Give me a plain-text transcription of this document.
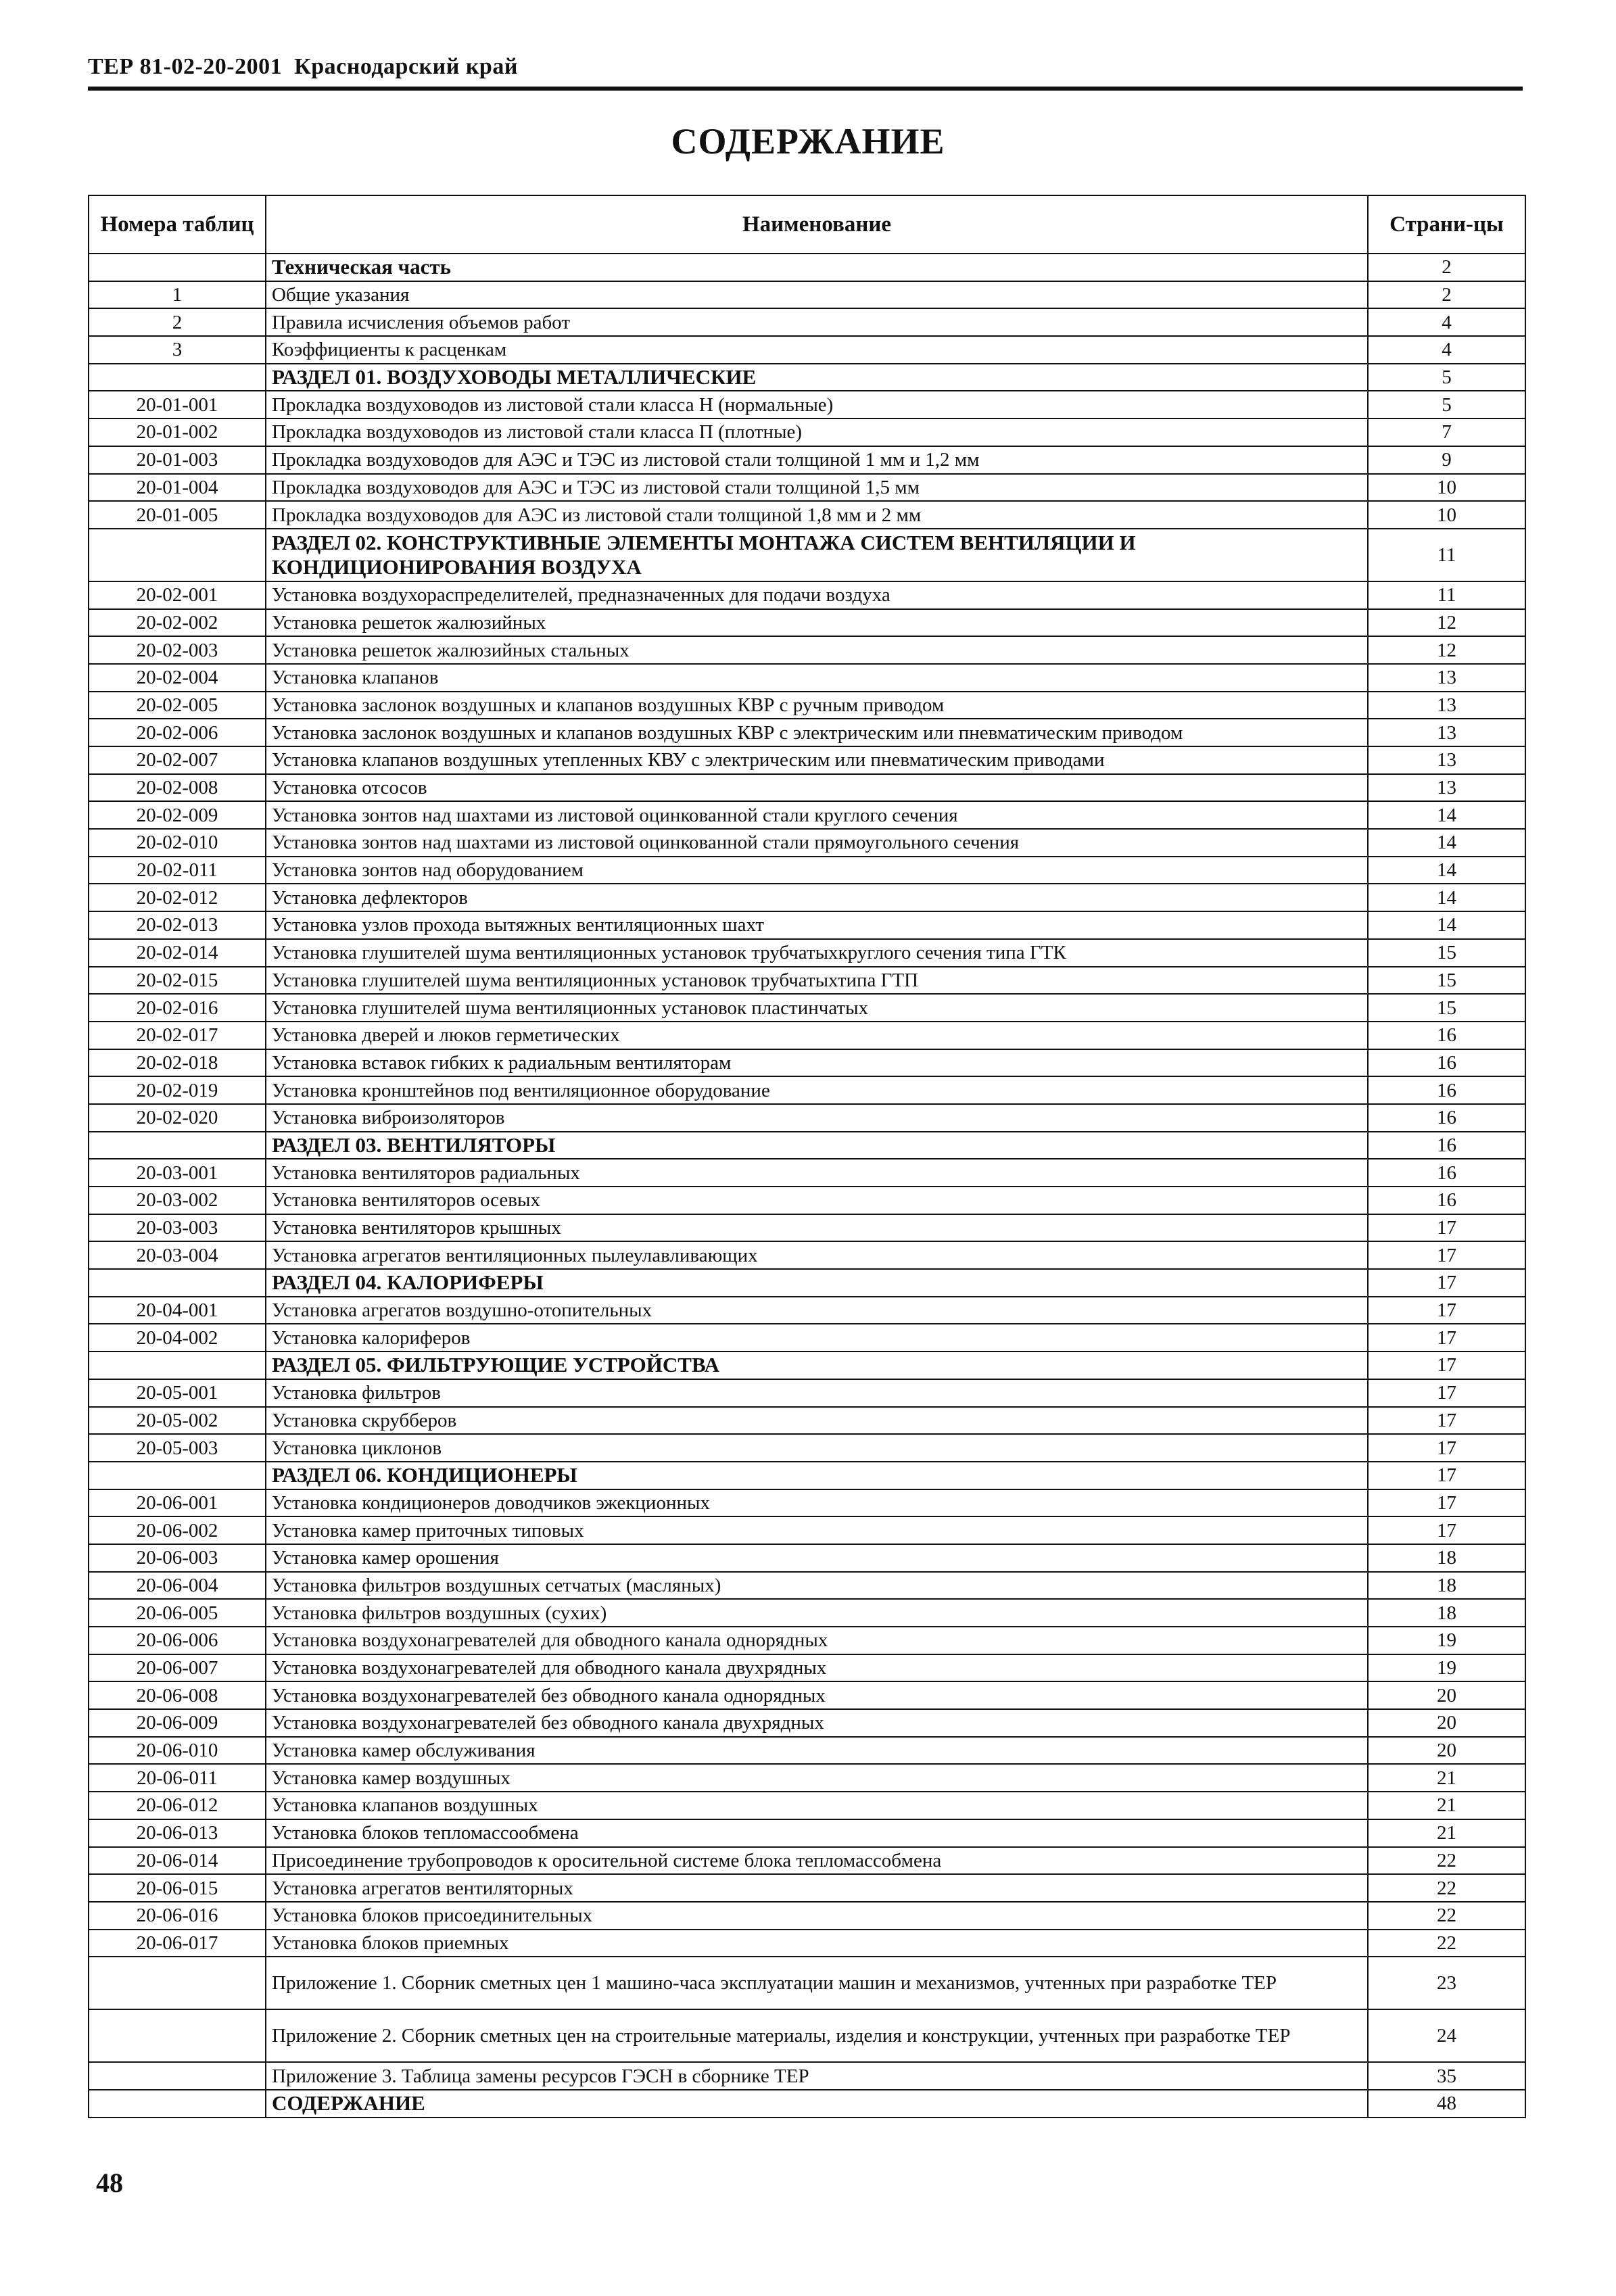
ТЕР 81-02-20-2001 Краснодарский край
СОДЕРЖАНИЕ
Номера таблиц	Наименование	Страни-цы
	Техническая часть	2
1	Общие указания	2
2	Правила исчисления объемов работ	4
3	Коэффициенты к расценкам	4
	РАЗДЕЛ 01. ВОЗДУХОВОДЫ МЕТАЛЛИЧЕСКИЕ	5
20-01-001	Прокладка воздуховодов из листовой стали класса Н (нормальные)	5
20-01-002	Прокладка воздуховодов из листовой стали класса П (плотные)	7
20-01-003	Прокладка воздуховодов для АЭС и ТЭС из листовой стали толщиной 1 мм и 1,2 мм	9
20-01-004	Прокладка воздуховодов для АЭС и ТЭС из листовой стали толщиной 1,5 мм	10
20-01-005	Прокладка воздуховодов для АЭС из листовой стали толщиной 1,8 мм и 2 мм	10
	РАЗДЕЛ 02. КОНСТРУКТИВНЫЕ ЭЛЕМЕНТЫ МОНТАЖА СИСТЕМ ВЕНТИЛЯЦИИ И КОНДИЦИОНИРОВАНИЯ ВОЗДУХА	11
20-02-001	Установка воздухораспределителей, предназначенных для подачи воздуха	11
20-02-002	Установка решеток жалюзийных	12
20-02-003	Установка решеток жалюзийных стальных	12
20-02-004	Установка клапанов	13
20-02-005	Установка заслонок воздушных и клапанов воздушных КВР с ручным приводом	13
20-02-006	Установка заслонок воздушных и клапанов воздушных КВР с электрическим или пневматическим приводом	13
20-02-007	Установка клапанов воздушных утепленных КВУ с электрическим или пневматическим приводами	13
20-02-008	Установка отсосов	13
20-02-009	Установка зонтов над шахтами из листовой оцинкованной стали круглого сечения	14
20-02-010	Установка зонтов над шахтами из листовой оцинкованной стали прямоугольного сечения	14
20-02-011	Установка зонтов над оборудованием	14
20-02-012	Установка дефлекторов	14
20-02-013	Установка узлов прохода вытяжных вентиляционных шахт	14
20-02-014	Установка глушителей шума вентиляционных установок трубчатыхкруглого сечения типа ГТК	15
20-02-015	Установка глушителей шума вентиляционных установок трубчатыхтипа ГТП	15
20-02-016	Установка глушителей шума вентиляционных установок пластинчатых	15
20-02-017	Установка дверей и люков герметических	16
20-02-018	Установка вставок гибких к радиальным вентиляторам	16
20-02-019	Установка кронштейнов под вентиляционное оборудование	16
20-02-020	Установка виброизоляторов	16
	РАЗДЕЛ 03. ВЕНТИЛЯТОРЫ	16
20-03-001	Установка вентиляторов радиальных	16
20-03-002	Установка вентиляторов осевых	16
20-03-003	Установка вентиляторов крышных	17
20-03-004	Установка агрегатов вентиляционных пылеулавливающих	17
	РАЗДЕЛ 04. КАЛОРИФЕРЫ	17
20-04-001	Установка агрегатов воздушно-отопительных	17
20-04-002	Установка калориферов	17
	РАЗДЕЛ 05. ФИЛЬТРУЮЩИЕ УСТРОЙСТВА	17
20-05-001	Установка фильтров	17
20-05-002	Установка скрубберов	17
20-05-003	Установка циклонов	17
	РАЗДЕЛ 06. КОНДИЦИОНЕРЫ	17
20-06-001	Установка кондиционеров доводчиков эжекционных	17
20-06-002	Установка камер приточных типовых	17
20-06-003	Установка камер орошения	18
20-06-004	Установка фильтров воздушных сетчатых (масляных)	18
20-06-005	Установка фильтров воздушных (сухих)	18
20-06-006	Установка воздухонагревателей для обводного канала однорядных	19
20-06-007	Установка воздухонагревателей для обводного канала двухрядных	19
20-06-008	Установка воздухонагревателей без обводного канала однорядных	20
20-06-009	Установка воздухонагревателей без обводного канала двухрядных	20
20-06-010	Установка камер обслуживания	20
20-06-011	Установка камер воздушных	21
20-06-012	Установка клапанов воздушных	21
20-06-013	Установка блоков тепломассообмена	21
20-06-014	Присоединение трубопроводов к оросительной системе блока тепломассобмена	22
20-06-015	Установка агрегатов вентиляторных	22
20-06-016	Установка блоков присоединительных	22
20-06-017	Установка блоков приемных	22
	Приложение 1. Сборник сметных цен 1 машино-часа эксплуатации машин и механизмов, учтенных при разработке ТЕР	23
	Приложение 2. Сборник сметных цен на строительные материалы, изделия и конструкции, учтенных при разработке ТЕР	24
	Приложение 3. Таблица замены ресурсов ГЭСН в сборнике ТЕР	35
	СОДЕРЖАНИЕ	48
48
